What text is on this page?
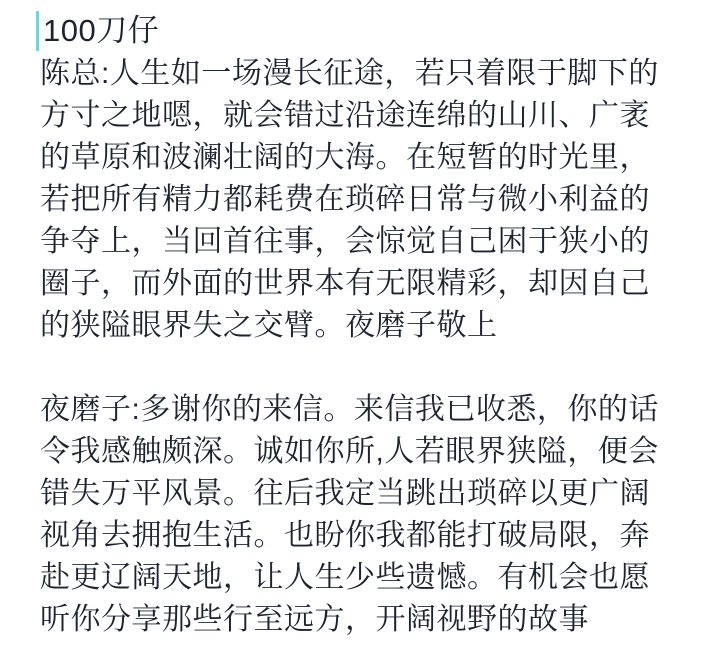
100刀仔
陈总:人生如一场漫长征途，若只着限于脚下的
方寸之地嗯，就会错过沿途连绵的山川、广袤
的草原和波澜壮阔的大海。在短暂的时光里，
若把所有精力都耗费在琐碎日常与微小利益的
争夺上，当回首往事，会惊觉自己困于狭小的
圈子，而外面的世界本有无限精彩，却因自己
的狭隘眼界失之交臂。夜磨子敬上
夜磨子:多谢你的来信。来信我已收悉，你的话
令我感触颇深。诚如你所,人若眼界狭隘，便会
错失万平风景。往后我定当跳出琐碎以更广阔
视角去拥抱生活。也盼你我都能打破局限，奔
赴更辽阔天地，让人生少些遗憾。有机会也愿
听你分享那些行至远方，开阔视野的故事
